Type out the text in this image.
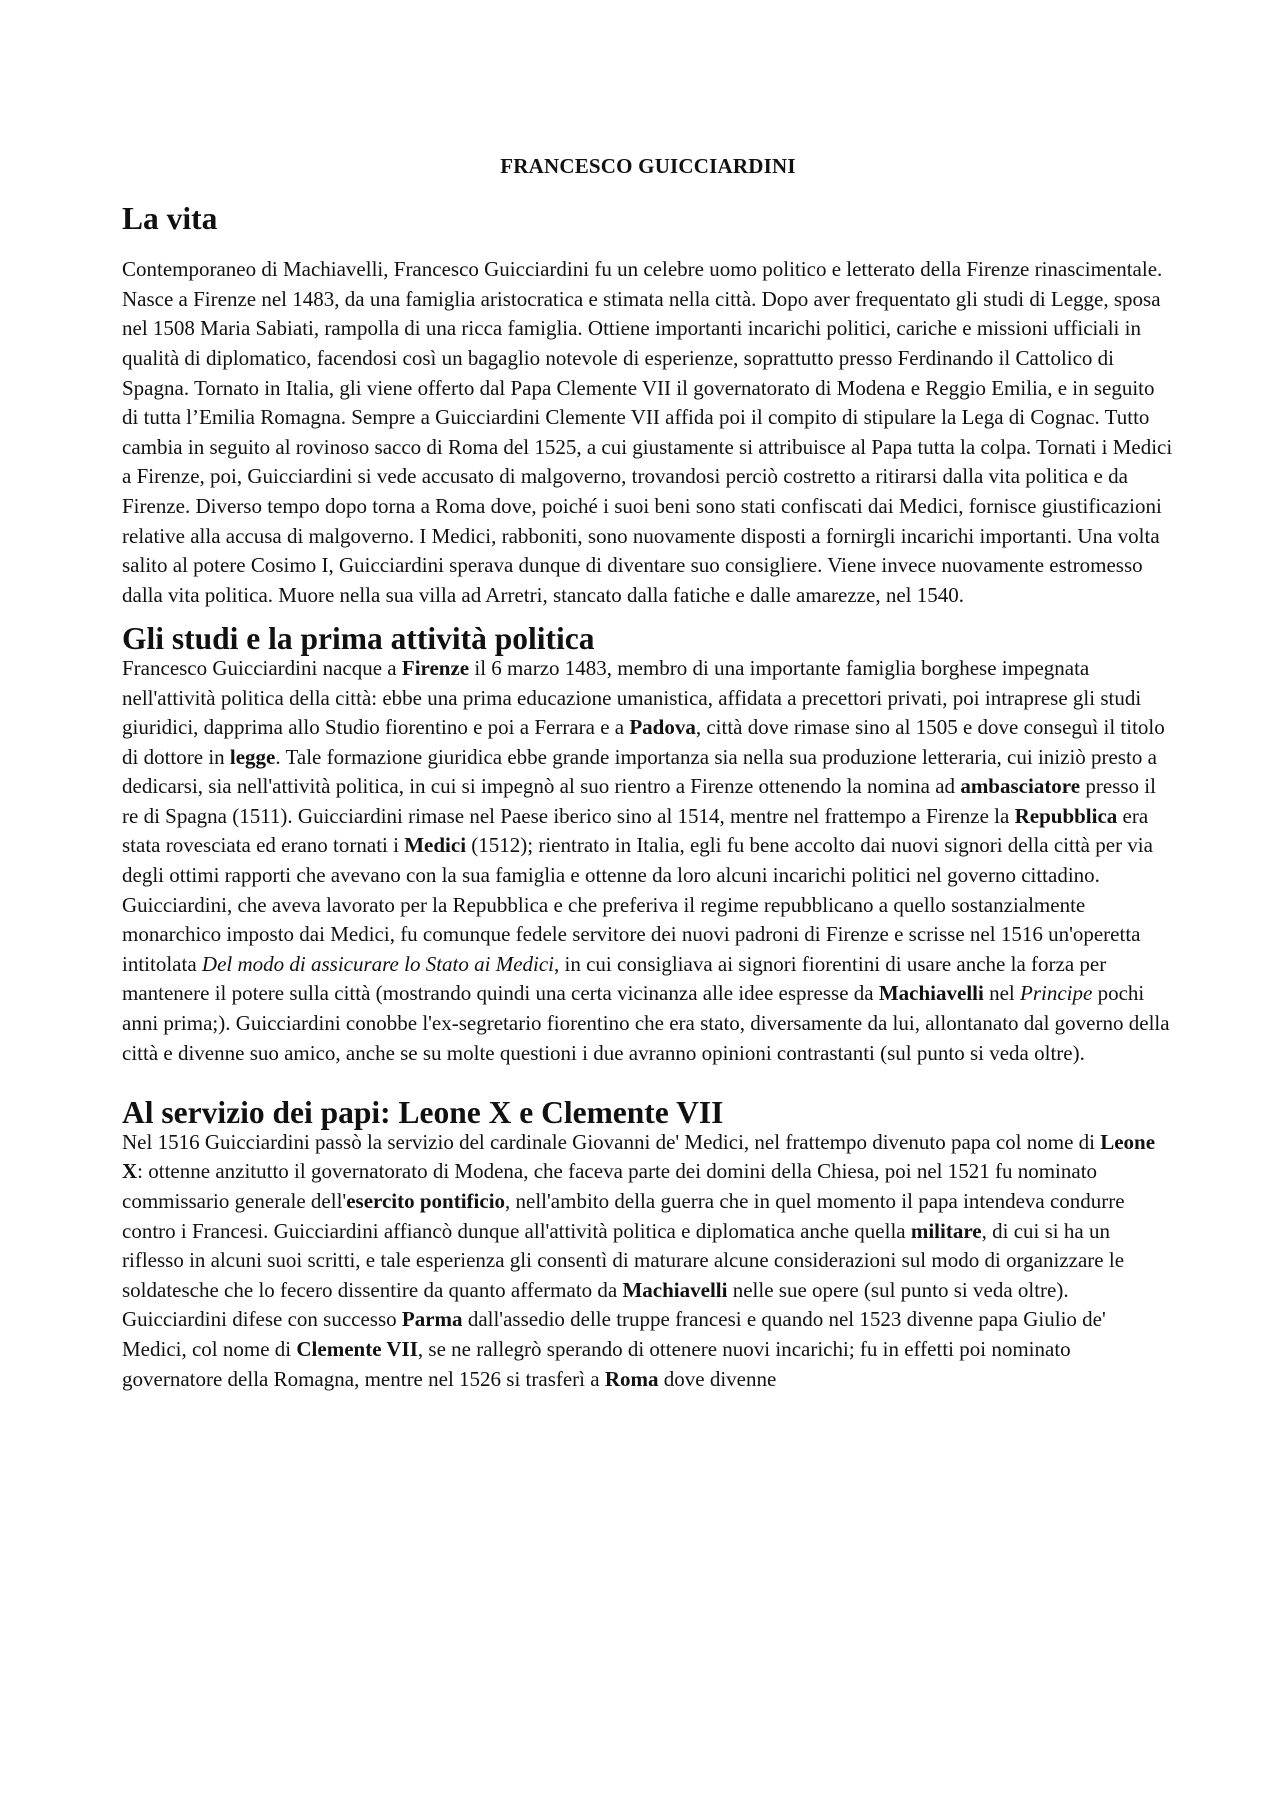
FRANCESCO GUICCIARDINI
La vita

Contemporaneo di Machiavelli, Francesco Guicciardini fu un celebre uomo politico e letterato della Firenze rinascimentale. Nasce a Firenze nel 1483, da una famiglia aristocratica e stimata nella città. Dopo aver frequentato gli studi di Legge, sposa nel 1508 Maria Sabiati, rampolla di una ricca famiglia. Ottiene importanti incarichi politici, cariche e missioni ufficiali in qualità di diplomatico, facendosi così un bagaglio notevole di esperienze, soprattutto presso Ferdinando il Cattolico di Spagna. Tornato in Italia, gli viene offerto dal Papa Clemente VII il governatorato di Modena e Reggio Emilia, e in seguito di tutta l’Emilia Romagna. Sempre a Guicciardini Clemente VII affida poi il compito di stipulare la Lega di Cognac. Tutto cambia in seguito al rovinoso sacco di Roma del 1525, a cui giustamente si attribuisce al Papa tutta la colpa. Tornati i Medici a Firenze, poi, Guicciardini si vede accusato di malgoverno, trovandosi perciò costretto a ritirarsi dalla vita politica e da Firenze. Diverso tempo dopo torna a Roma dove, poiché i suoi beni sono stati confiscati dai Medici, fornisce giustificazioni relative alla accusa di malgoverno. I Medici, rabboniti, sono nuovamente disposti a fornirgli incarichi importanti. Una volta salito al potere Cosimo I, Guicciardini sperava dunque di diventare suo consigliere. Viene invece nuovamente estromesso dalla vita politica. Muore nella sua villa ad Arretri, stancato dalla fatiche e dalle amarezze, nel 1540.

Gli studi e la prima attività politica

Francesco Guicciardini nacque a Firenze il 6 marzo 1483, membro di una importante famiglia borghese impegnata nell'attività politica della città: ebbe una prima educazione umanistica, affidata a precettori privati, poi intraprese gli studi giuridici, dapprima allo Studio fiorentino e poi a Ferrara e a Padova, città dove rimase sino al 1505 e dove conseguì il titolo di dottore in legge. Tale formazione giuridica ebbe grande importanza sia nella sua produzione letteraria, cui iniziò presto a dedicarsi, sia nell'attività politica, in cui si impegnò al suo rientro a Firenze ottenendo la nomina ad ambasciatore presso il re di Spagna (1511). Guicciardini rimase nel Paese iberico sino al 1514, mentre nel frattempo a Firenze la Repubblica era stata rovesciata ed erano tornati i Medici (1512); rientrato in Italia, egli fu bene accolto dai nuovi signori della città per via degli ottimi rapporti che avevano con la sua famiglia e ottenne da loro alcuni incarichi politici nel governo cittadino. Guicciardini, che aveva lavorato per la Repubblica e che preferiva il regime repubblicano a quello sostanzialmente monarchico imposto dai Medici, fu comunque fedele servitore dei nuovi padroni di Firenze e scrisse nel 1516 un'operetta intitolata Del modo di assicurare lo Stato ai Medici, in cui consigliava ai signori fiorentini di usare anche la forza per mantenere il potere sulla città (mostrando quindi una certa vicinanza alle idee espresse da Machiavelli nel Principe pochi anni prima;). Guicciardini conobbe l'ex-segretario fiorentino che era stato, diversamente da lui, allontanato dal governo della città e divenne suo amico, anche se su molte questioni i due avranno opinioni contrastanti (sul punto si veda oltre).

Al servizio dei papi: Leone X e Clemente VII

Nel 1516 Guicciardini passò la servizio del cardinale Giovanni de' Medici, nel frattempo divenuto papa col nome di Leone X: ottenne anzitutto il governatorato di Modena, che faceva parte dei domini della Chiesa, poi nel 1521 fu nominato commissario generale dell'esercito pontificio, nell'ambito della guerra che in quel momento il papa intendeva condurre contro i Francesi. Guicciardini affiancò dunque all'attività politica e diplomatica anche quella militare, di cui si ha un riflesso in alcuni suoi scritti, e tale esperienza gli consentì di maturare alcune considerazioni sul modo di organizzare le soldatesche che lo fecero dissentire da quanto affermato da Machiavelli nelle sue opere (sul punto si veda oltre). Guicciardini difese con successo Parma dall'assedio delle truppe francesi e quando nel 1523 divenne papa Giulio de' Medici, col nome di Clemente VII, se ne rallegrò sperando di ottenere nuovi incarichi; fu in effetti poi nominato governatore della Romagna, mentre nel 1526 si trasferì a Roma dove divenne
